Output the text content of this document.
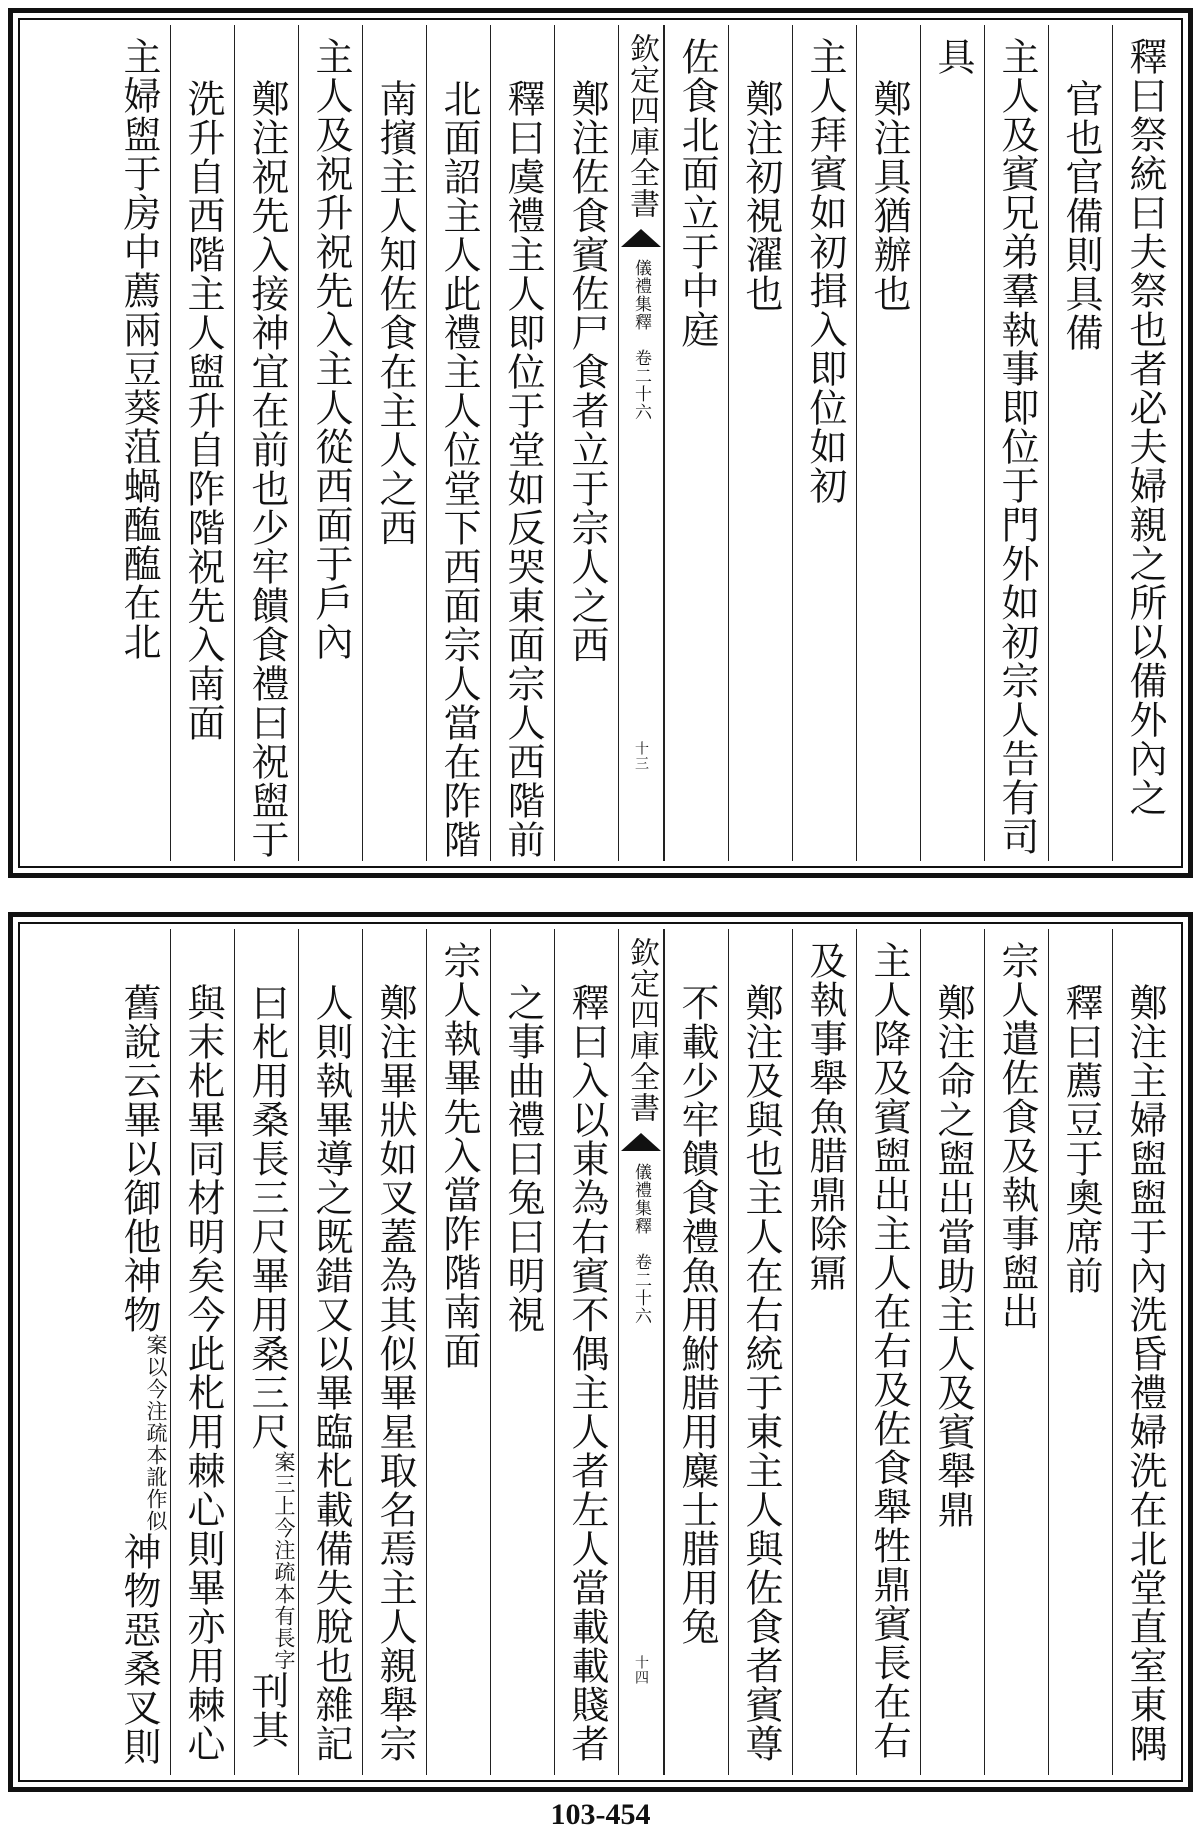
釋曰祭統曰夫祭也者必夫婦親之所以備外內之
官也官備則具備
主人及賓兄弟羣執事即位于門外如初宗人告有司
具
鄭注具猶辦也
主人拜賓如初揖入即位如初
鄭注初視濯也
佐食北面立于中庭
欽定四庫全書
儀禮集釋　卷二十六
十三
鄭注佐食賓佐尸食者立于宗人之西
釋曰虞禮主人即位于堂如反哭東面宗人西階前
北面詔主人此禮主人位堂下西面宗人當在阼階
南擯主人知佐食在主人之西
主人及祝升祝先入主人從西面于戶內
鄭注祝先入接神宜在前也少牢饋食禮曰祝盥于
洗升自西階主人盥升自阼階祝先入南面
主婦盥于房中薦兩豆葵菹蝸醢醢在北
鄭注主婦盥盥于內洗昏禮婦洗在北堂直室東隅
釋曰薦豆于奧席前
宗人遣佐食及執事盥出
鄭注命之盥出當助主人及賓舉鼎
主人降及賓盥出主人在右及佐食舉牲鼎賓長在右
及執事舉魚腊鼎除鼏
鄭注及與也主人在右統于東主人與佐食者賓尊
不載少牢饋食禮魚用鮒腊用麋士腊用兔
欽定四庫全書
儀禮集釋　卷二十六
十四
釋曰入以東為右賓不偶主人者左人當載載賤者
之事曲禮曰兔曰明視
宗人執畢先入當阼階南面
鄭注畢狀如叉蓋為其似畢星取名焉主人親舉宗
人則執畢導之既錯又以畢臨朼載備失脫也雜記
曰朼用桑長三尺畢用桑三尺案三上今注疏本有長字刊其
與末朼畢同材明矣今此朼用棘心則畢亦用棘心
舊說云畢以御他神物案以今注疏本訛作似神物惡桑叉則
103-454
